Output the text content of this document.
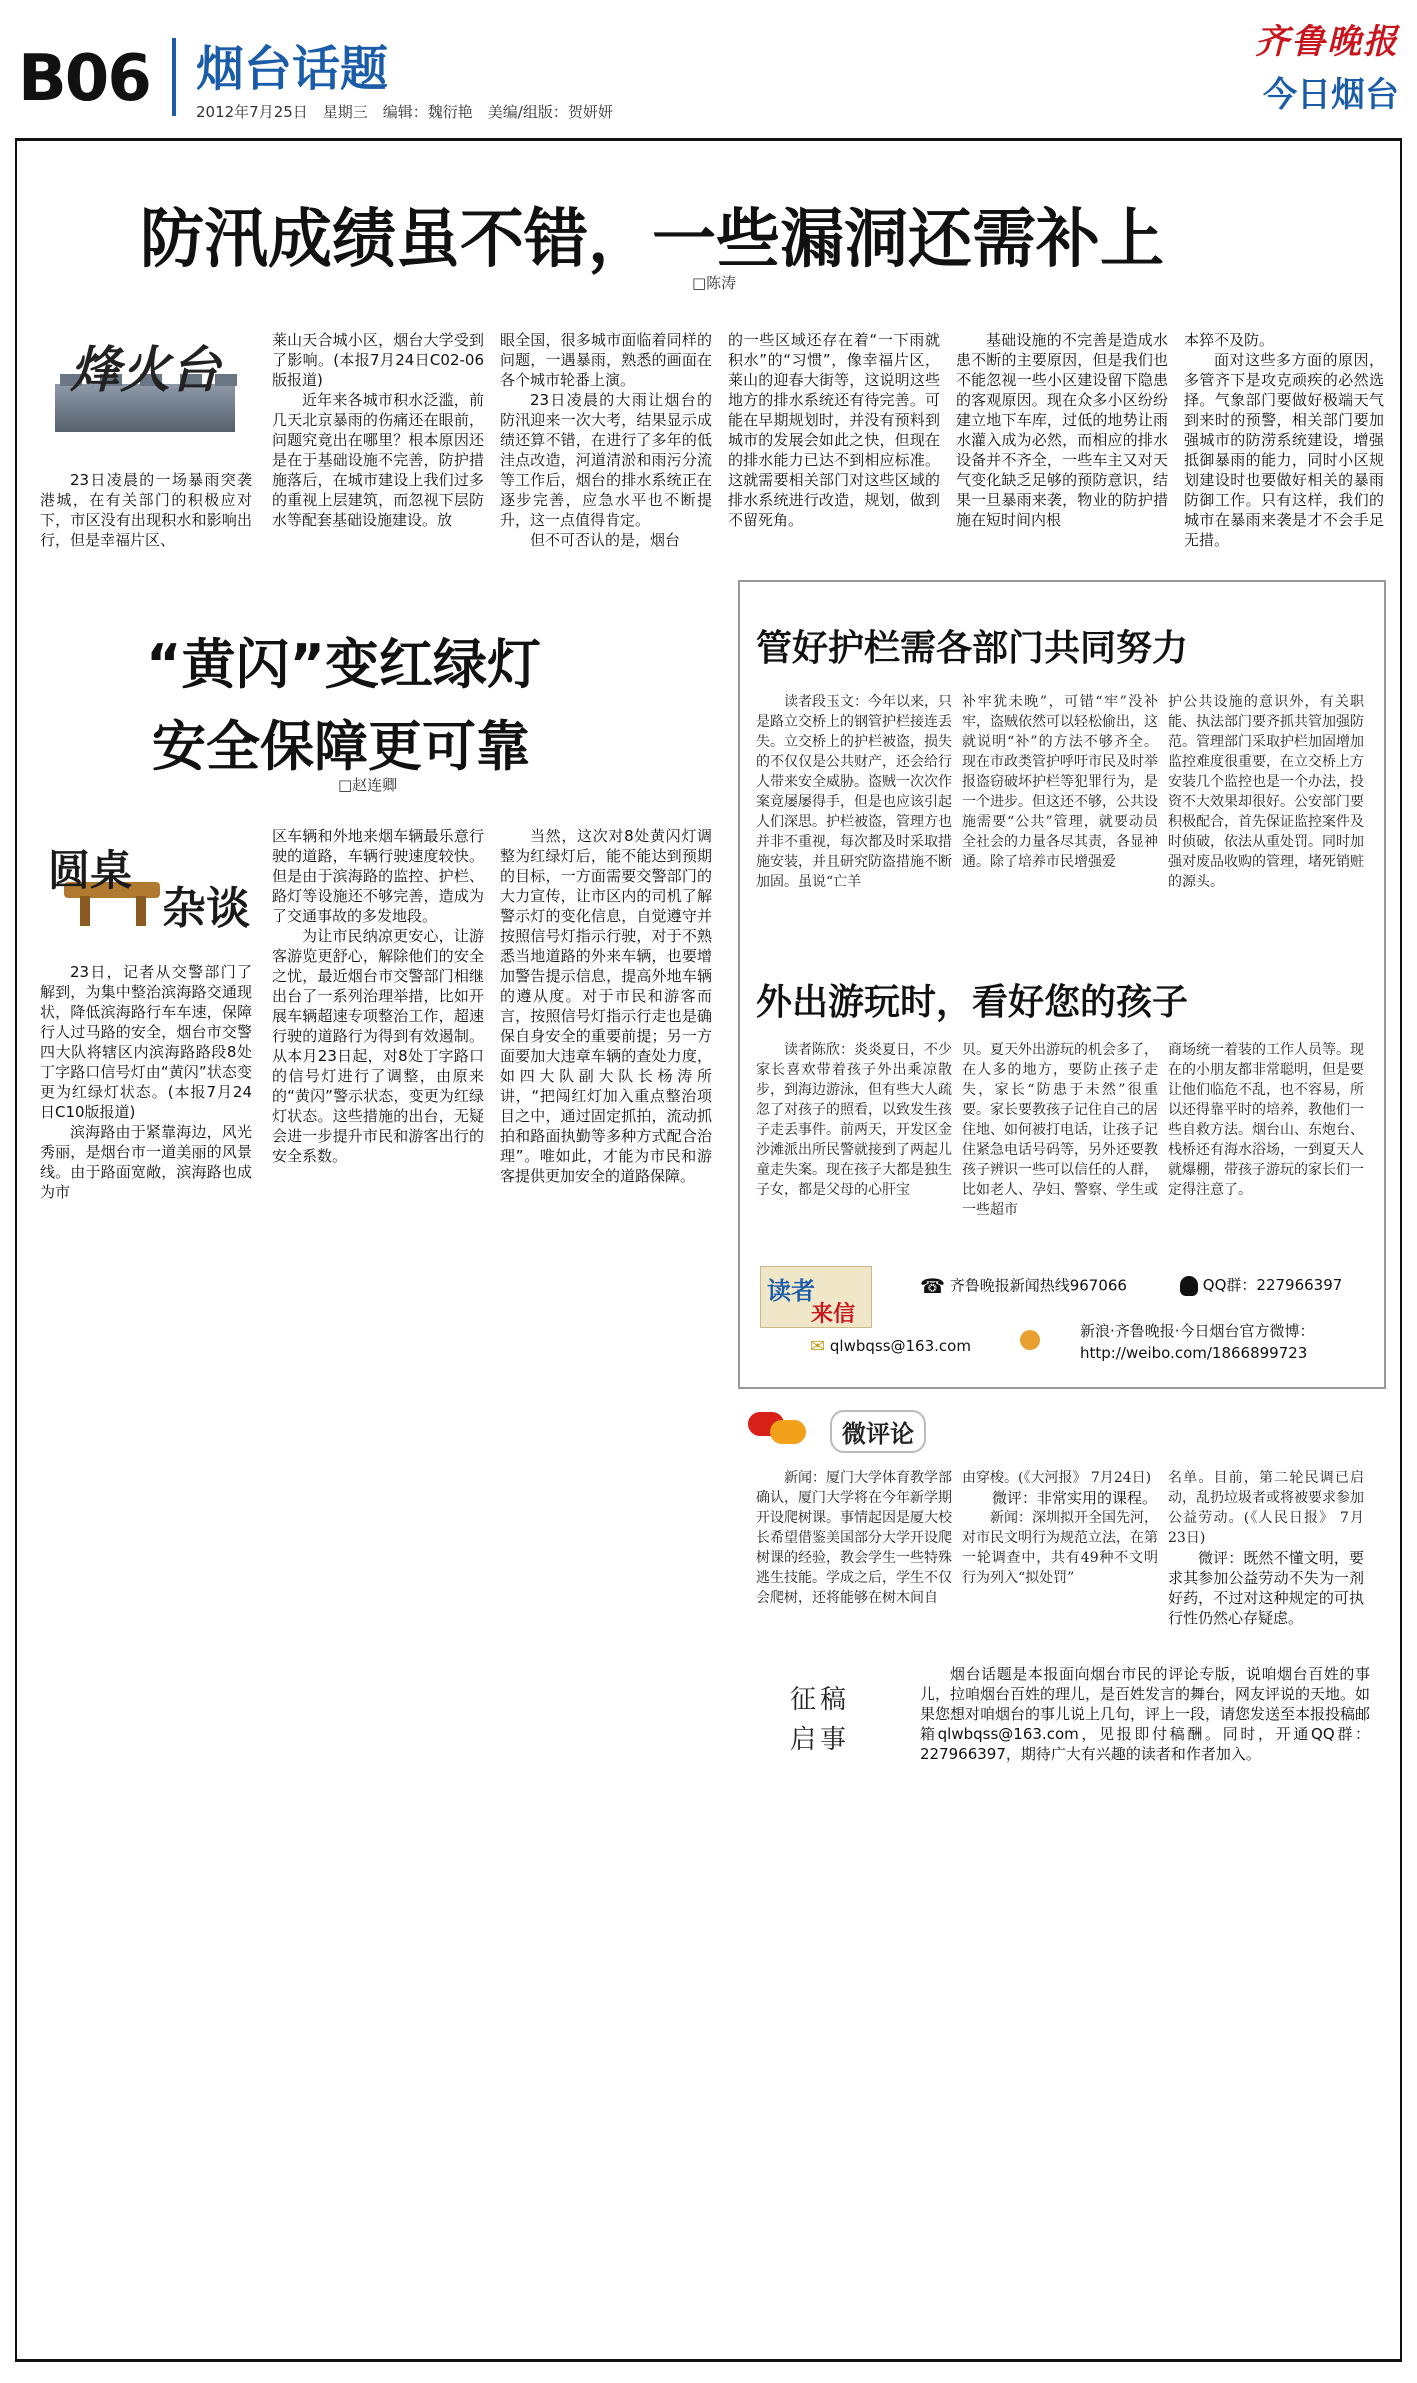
B06 烟台话题
2012年7月25日　星期三　编辑：魏衍艳　美编/组版：贺妍妍
齐鲁晚报
今日烟台
防汛成绩虽不错，一些漏洞还需补上
□陈涛
烽火台

23日凌晨的一场暴雨突袭港城，在有关部门的积极应对下，市区没有出现积水和影响出行，但是幸福片区、

莱山天合城小区，烟台大学受到了影响。(本报7月24日C02-06版报道)

近年来各城市积水泛滥，前几天北京暴雨的伤痛还在眼前，问题究竟出在哪里？根本原因还是在于基础设施不完善，防护措施落后，在城市建设上我们过多的重视上层建筑，而忽视下层防水等配套基础设施建设。放

眼全国，很多城市面临着同样的问题，一遇暴雨，熟悉的画面在各个城市轮番上演。

23日凌晨的大雨让烟台的防汛迎来一次大考，结果显示成绩还算不错，在进行了多年的低洼点改造，河道清淤和雨污分流等工作后，烟台的排水系统正在逐步完善，应急水平也不断提升，这一点值得肯定。

但不可否认的是，烟台

的一些区域还存在着“一下雨就积水”的“习惯”，像幸福片区，莱山的迎春大街等，这说明这些地方的排水系统还有待完善。可能在早期规划时，并没有预料到城市的发展会如此之快，但现在的排水能力已达不到相应标准。这就需要相关部门对这些区域的排水系统进行改造，规划，做到不留死角。

基础设施的不完善是造成水患不断的主要原因，但是我们也不能忽视一些小区建设留下隐患的客观原因。现在众多小区纷纷建立地下车库，过低的地势让雨水灌入成为必然，而相应的排水设备并不齐全，一些车主又对天气变化缺乏足够的预防意识，结果一旦暴雨来袭，物业的防护措施在短时间内根

本猝不及防。

面对这些多方面的原因，多管齐下是攻克顽疾的必然选择。气象部门要做好极端天气到来时的预警，相关部门要加强城市的防涝系统建设，增强抵御暴雨的能力，同时小区规划建设时也要做好相关的暴雨防御工作。只有这样，我们的城市在暴雨来袭是才不会手足无措。

“黄闪”变红绿灯
安全保障更可靠
□赵连卿
圆桌
杂谈

23日，记者从交警部门了解到，为集中整治滨海路交通现状，降低滨海路行车车速，保障行人过马路的安全，烟台市交警四大队将辖区内滨海路路段8处丁字路口信号灯由“黄闪”状态变更为红绿灯状态。(本报7月24日C10版报道)

滨海路由于紧靠海边，风光秀丽，是烟台市一道美丽的风景线。由于路面宽敞，滨海路也成为市

区车辆和外地来烟车辆最乐意行驶的道路，车辆行驶速度较快。但是由于滨海路的监控、护栏、路灯等设施还不够完善，造成为了交通事故的多发地段。

为让市民纳凉更安心，让游客游览更舒心，解除他们的安全之忧，最近烟台市交警部门相继出台了一系列治理举措，比如开展车辆超速专项整治工作，超速行驶的道路行为得到有效遏制。从本月23日起，对8处丁字路口的信号灯进行了调整，由原来的“黄闪”警示状态，变更为红绿灯状态。这些措施的出台，无疑会进一步提升市民和游客出行的安全系数。

当然，这次对8处黄闪灯调整为红绿灯后，能不能达到预期的目标，一方面需要交警部门的大力宣传，让市区内的司机了解警示灯的变化信息，自觉遵守并按照信号灯指示行驶，对于不熟悉当地道路的外来车辆，也要增加警告提示信息，提高外地车辆的遵从度。对于市民和游客而言，按照信号灯指示行走也是确保自身安全的重要前提；另一方面要加大违章车辆的查处力度，如四大队副大队长杨涛所讲，“把闯红灯加入重点整治项目之中，通过固定抓拍，流动抓拍和路面执勤等多种方式配合治理”。唯如此，才能为市民和游客提供更加安全的道路保障。

管好护栏需各部门共同努力

读者段玉文：今年以来，只是路立交桥上的钢管护栏接连丢失。立交桥上的护栏被盗，损失的不仅仅是公共财产，还会给行人带来安全威胁。盗贼一次次作案竟屡屡得手，但是也应该引起人们深思。护栏被盗，管理方也并非不重视，每次都及时采取措施安装，并且研究防盗措施不断加固。虽说“亡羊

补牢犹未晚”，可错“牢”没补牢，盗贼依然可以轻松偷出，这就说明“补”的方法不够齐全。现在市政类管护呼吁市民及时举报盗窃破坏护栏等犯罪行为，是一个进步。但这还不够，公共设施需要“公共”管理，就要动员全社会的力量各尽其责，各显神通。除了培养市民增强爱

护公共设施的意识外，有关职能、执法部门要齐抓共管加强防范。管理部门采取护栏加固增加监控难度很重要，在立交桥上方安装几个监控也是一个办法，投资不大效果却很好。公安部门要积极配合，首先保证监控案件及时侦破，依法从重处罚。同时加强对废品收购的管理，堵死销赃的源头。

外出游玩时，看好您的孩子

读者陈欣：炎炎夏日，不少家长喜欢带着孩子外出乘凉散步，到海边游泳，但有些大人疏忽了对孩子的照看，以致发生孩子走丢事件。前两天，开发区金沙滩派出所民警就接到了两起儿童走失案。现在孩子大都是独生子女，都是父母的心肝宝

贝。夏天外出游玩的机会多了，在人多的地方，要防止孩子走失，家长“防患于未然”很重要。家长要教孩子记住自己的居住地、如何被打电话，让孩子记住紧急电话号码等，另外还要教孩子辨识一些可以信任的人群，比如老人、孕妇、警察、学生或一些超市

商场统一着装的工作人员等。现在的小朋友都非常聪明，但是要让他们临危不乱，也不容易，所以还得靠平时的培养，教他们一些自救方法。烟台山、东炮台、栈桥还有海水浴场，一到夏天人就爆棚，带孩子游玩的家长们一定得注意了。

读者
来信
☎ 齐鲁晚报新闻热线967066	QQ群：227966397
✉ qlwbqss@163.com
新浪·齐鲁晚报·今日烟台官方微博：
http://weibo.com/1866899723
微评论

新闻：厦门大学体育教学部确认，厦门大学将在今年新学期开设爬树课。事情起因是厦大校长希望借鉴美国部分大学开设爬树课的经验，教会学生一些特殊逃生技能。学成之后，学生不仅会爬树，还将能够在树木间自

由穿梭。(《大河报》 7月24日)

微评：非常实用的课程。

新闻：深圳拟开全国先河，对市民文明行为规范立法，在第一轮调查中，共有49种不文明行为列入“拟处罚”

名单。目前，第二轮民调已启动，乱扔垃圾者或将被要求参加公益劳动。(《人民日报》 7月23日)

微评：既然不懂文明，要求其参加公益劳动不失为一剂好药，不过对这种规定的可执行性仍然心存疑虑。

征稿
启事

烟台话题是本报面向烟台市民的评论专版，说咱烟台百姓的事儿，拉咱烟台百姓的理儿，是百姓发言的舞台，网友评说的天地。如果您想对咱烟台的事儿说上几句，评上一段，请您发送至本报投稿邮箱qlwbqss@163.com，见报即付稿酬。同时，开通QQ群：227966397，期待广大有兴趣的读者和作者加入。
